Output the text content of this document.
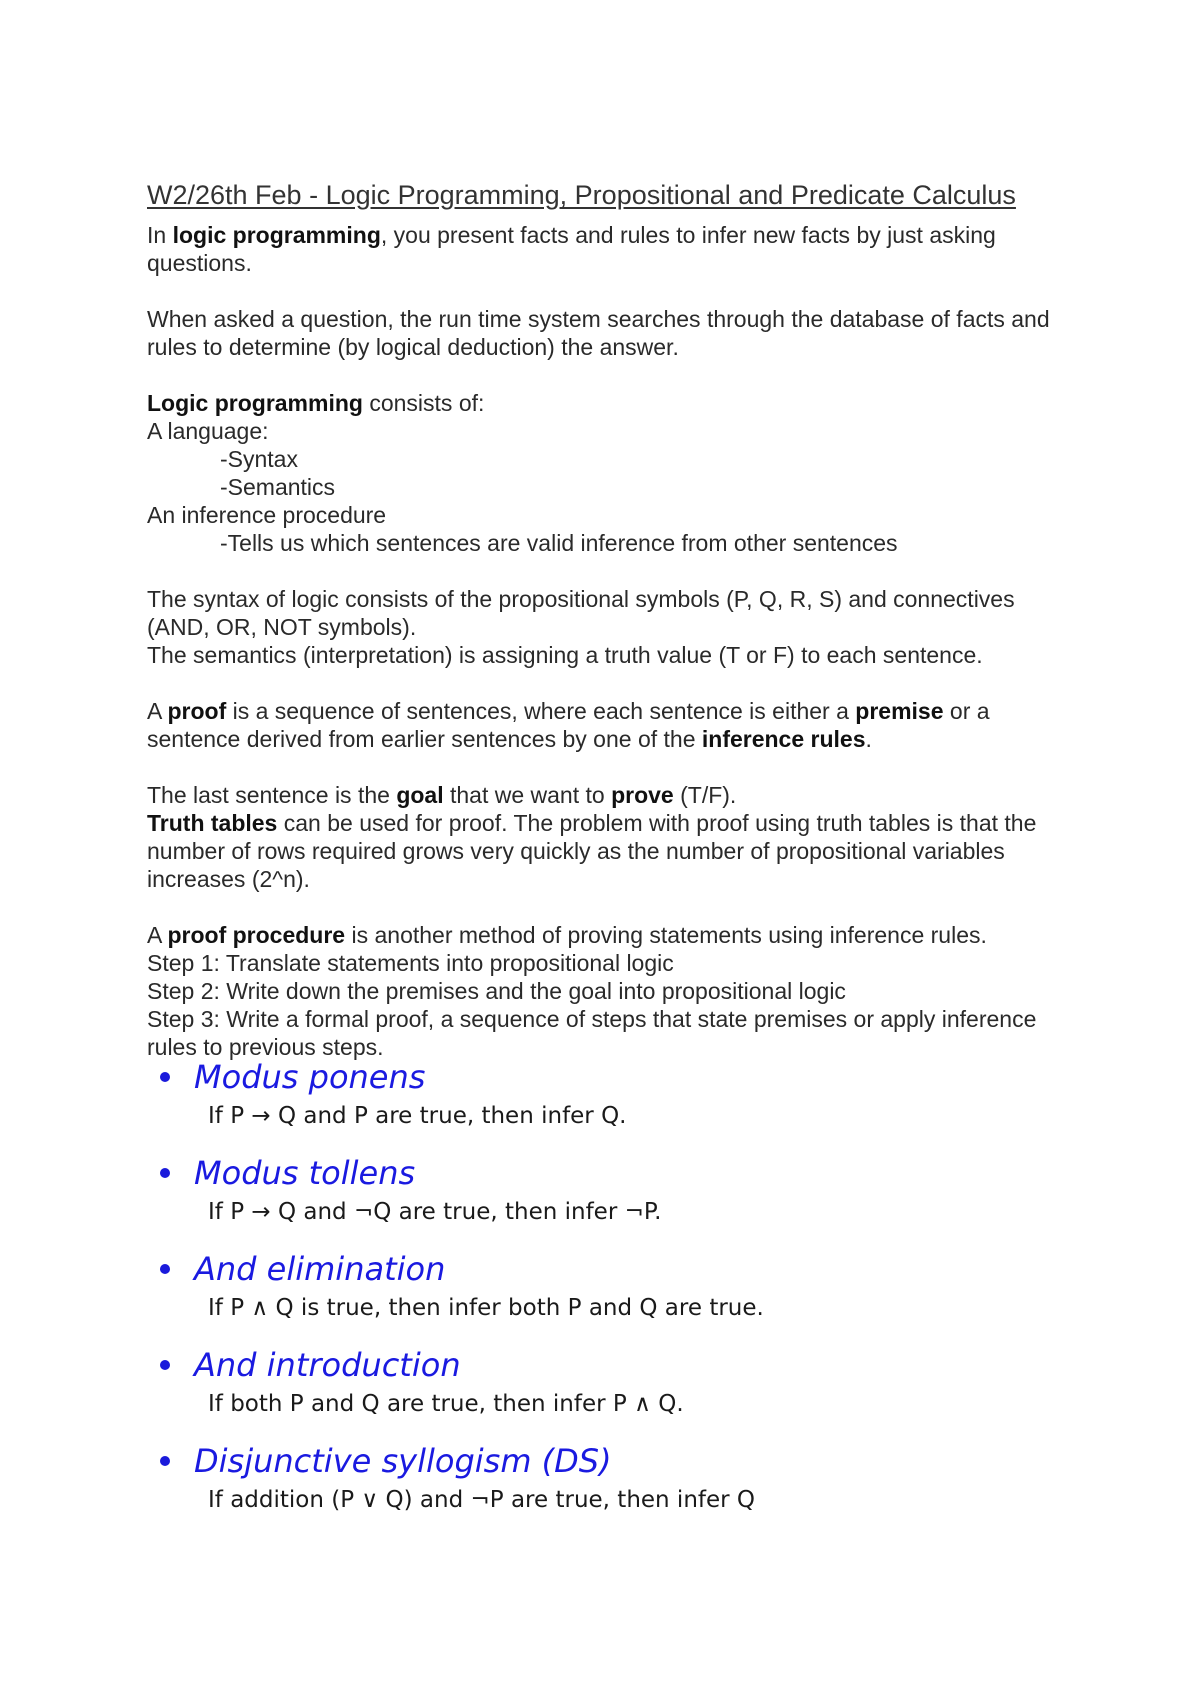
W2/26th Feb - Logic Programming, Propositional and Predicate Calculus

In logic programming, you present facts and rules to infer new facts by just asking questions.

When asked a question, the run time system searches through the database of facts and rules to determine (by logical deduction) the answer.

Logic programming consists of:
A language:
-Syntax
-Semantics
An inference procedure
-Tells us which sentences are valid inference from other sentences
The syntax of logic consists of the propositional symbols (P, Q, R, S) and connectives (AND, OR, NOT symbols).
The semantics (interpretation) is assigning a truth value (T or F) to each sentence.

A proof is a sequence of sentences, where each sentence is either a premise or a sentence derived from earlier sentences by one of the inference rules.

The last sentence is the goal that we want to prove (T/F).
Truth tables can be used for proof. The problem with proof using truth tables is that the number of rows required grows very quickly as the number of propositional variables increases (2^n).
A proof procedure is another method of proving statements using inference rules.
Step 1: Translate statements into propositional logic
Step 2: Write down the premises and the goal into propositional logic
Step 3: Write a formal proof, a sequence of steps that state premises or apply inference rules to previous steps.
Modus ponens
If P → Q and P are true, then infer Q.
Modus tollens
If P → Q and ¬Q are true, then infer ¬P.
And elimination
If P ∧ Q is true, then infer both P and Q are true.
And introduction
If both P and Q are true, then infer P ∧ Q.
Disjunctive syllogism (DS)
If addition (P ∨ Q) and ¬P are true, then infer Q
